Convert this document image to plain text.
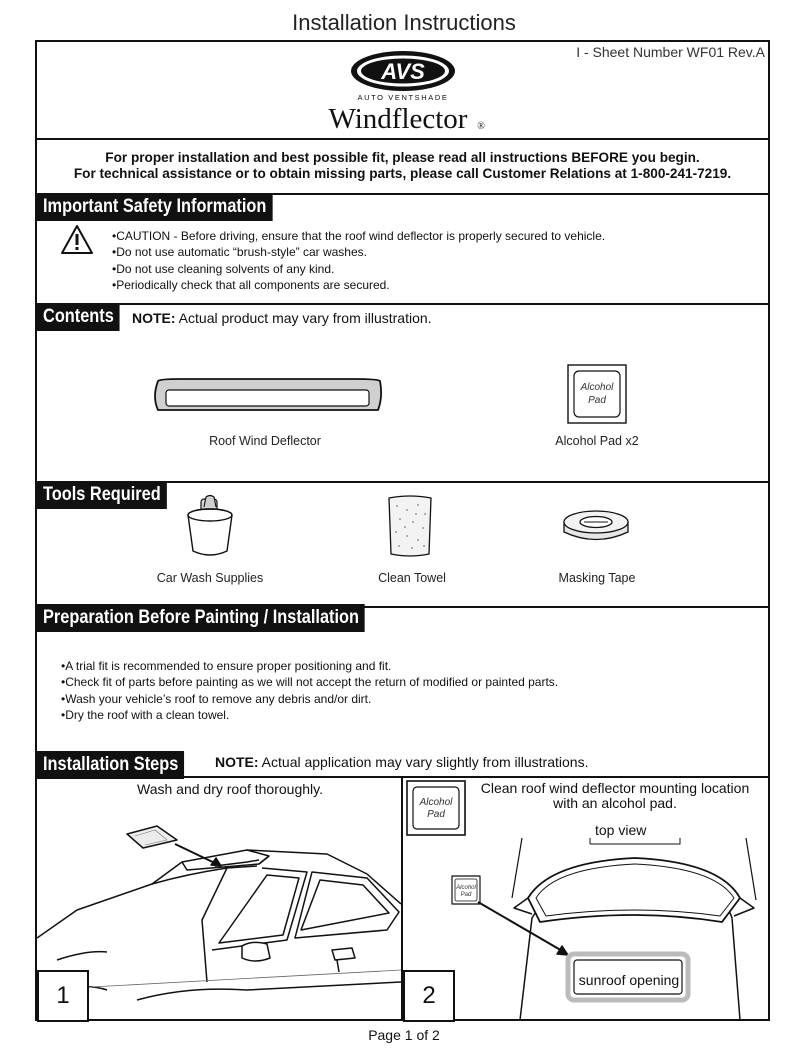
Installation Instructions
I - Sheet Number WF01 Rev.A
AVS
AUTO VENTSHADE
Windflector ®
For proper installation and best possible fit, please read all instructions BEFORE you begin.
For technical assistance or to obtain missing parts, please call Customer Relations at 1-800-241-7219.
Important Safety Information
• CAUTION - Before driving, ensure that the roof wind deflector is properly secured to vehicle.
• Do not use automatic “brush-style” car washes.
• Do not use cleaning solvents of any kind.
• Periodically check that all components are secured.
Contents	NOTE: Actual product may vary from illustration.
Roof Wind Deflector
Alcohol
Pad
Alcohol Pad x2
Tools Required
Car Wash Supplies	Clean Towel	Masking Tape
Preparation Before Painting / Installation
• A trial fit is recommended to ensure proper positioning and fit.
• Check fit of parts before painting as we will not accept the return of modified or painted parts.
• Wash your vehicle’s roof to remove any debris and/or dirt.
• Dry the roof with a clean towel.
Installation Steps	NOTE: Actual application may vary slightly from illustrations.
Wash and dry roof thoroughly.
1
Alcohol
Pad
Clean roof wind deflector mounting location
with an alcohol pad.
top view
Alcohol
Pad
sunroof opening
2
Page 1 of 2
